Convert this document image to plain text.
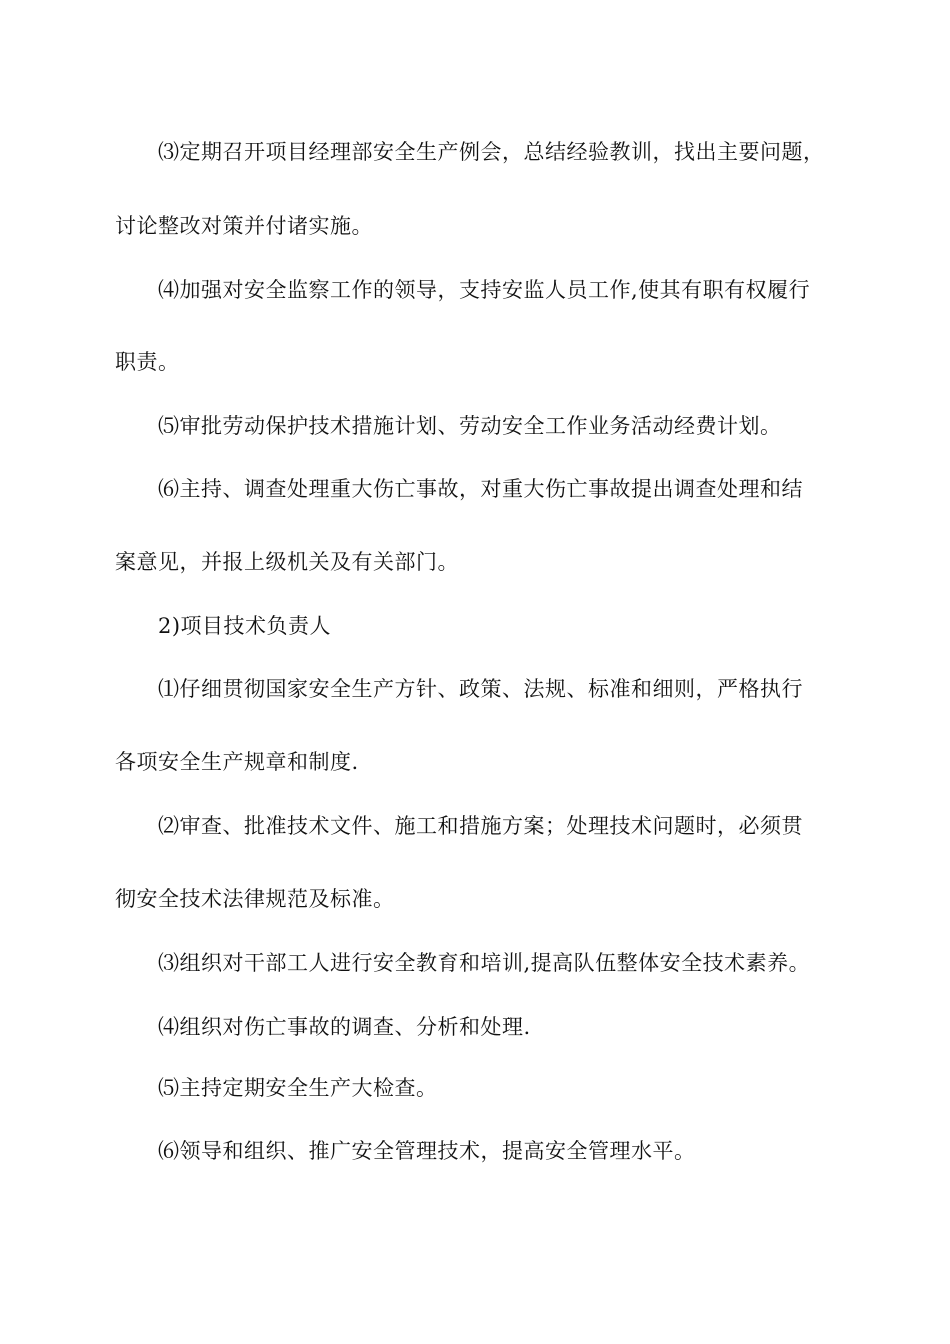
⑶定期召开项目经理部安全生产例会，总结经验教训，找出主要问题，
讨论整改对策并付诸实施。
⑷加强对安全监察工作的领导，支持安监人员工作,使其有职有权履行
职责。
⑸审批劳动保护技术措施计划、劳动安全工作业务活动经费计划。
⑹主持、调查处理重大伤亡事故，对重大伤亡事故提出调查处理和结
案意见，并报上级机关及有关部门。
2)项目技术负责人
⑴仔细贯彻国家安全生产方针、政策、法规、标准和细则，严格执行
各项安全生产规章和制度.
⑵审查、批准技术文件、施工和措施方案；处理技术问题时，必须贯
彻安全技术法律规范及标准。
⑶组织对干部工人进行安全教育和培训,提高队伍整体安全技术素养。
⑷组织对伤亡事故的调查、分析和处理.
⑸主持定期安全生产大检查。
⑹领导和组织、推广安全管理技术，提高安全管理水平。
